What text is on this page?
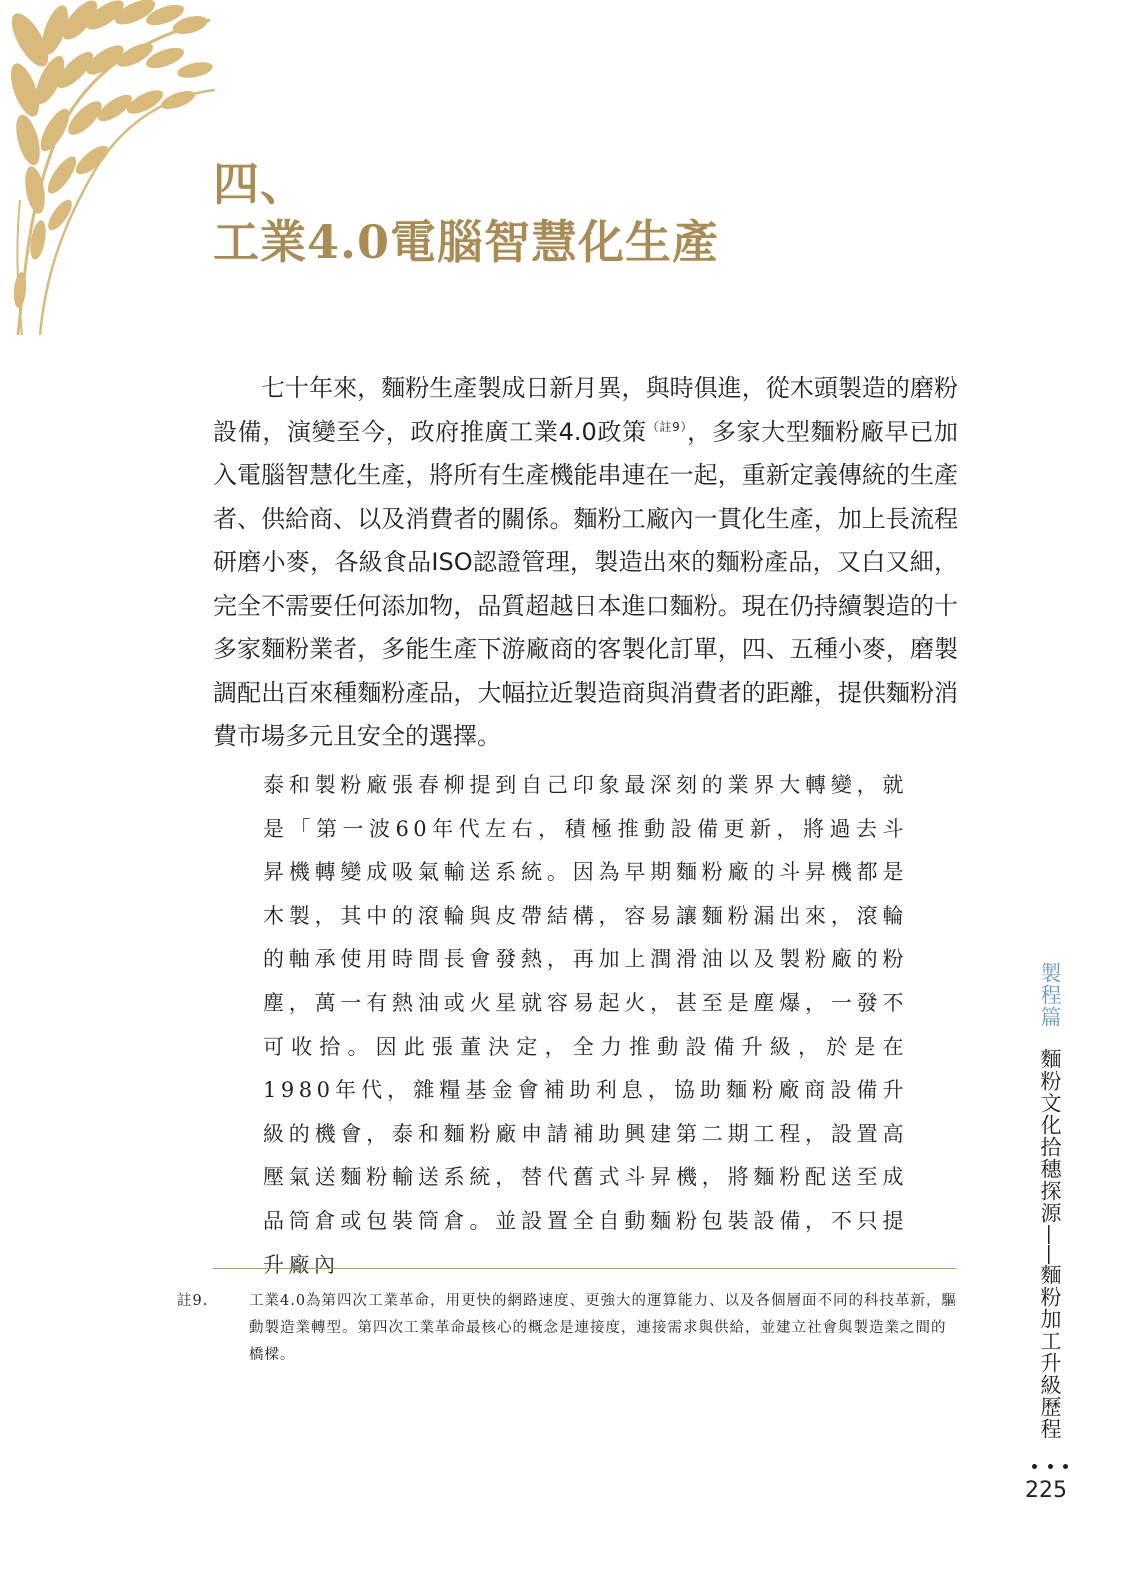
四、
工業4.0電腦智慧化生產

七十年來，麵粉生產製成日新月異，與時俱進，從木頭製造的磨粉設備，演變至今，政府推廣工業4.0政策$^{(註9)}$，多家大型麵粉廠早已加入電腦智慧化生產，將所有生產機能串連在一起，重新定義傳統的生產者、供給商、以及消費者的關係。麵粉工廠內一貫化生產，加上長流程研磨小麥，各級食品ISO認證管理，製造出來的麵粉產品，又白又細，完全不需要任何添加物，品質超越日本進口麵粉。現在仍持續製造的十多家麵粉業者，多能生產下游廠商的客製化訂單，四、五種小麥，磨製調配出百來種麵粉產品，大幅拉近製造商與消費者的距離，提供麵粉消費市場多元且安全的選擇。

泰和製粉廠張春柳提到自己印象最深刻的業界大轉變，就是「第一波60年代左右，積極推動設備更新，將過去斗昇機轉變成吸氣輸送系統。因為早期麵粉廠的斗昇機都是木製，其中的滾輪與皮帶結構，容易讓麵粉漏出來，滾輪的軸承使用時間長會發熱，再加上潤滑油以及製粉廠的粉塵，萬一有熱油或火星就容易起火，甚至是塵爆，一發不可收拾。因此張董決定，全力推動設備升級，於是在1980年代，雜糧基金會補助利息，協助麵粉廠商設備升級的機會，泰和麵粉廠申請補助興建第二期工程，設置高壓氣送麵粉輸送系統，替代舊式斗昇機，將麵粉配送至成品筒倉或包裝筒倉。並設置全自動麵粉包裝設備，不只提升廠內

註9.	工業4.0為第四次工業革命，用更快的網路速度、更強大的運算能力、以及各個層面不同的科技革新，驅動製造業轉型。第四次工業革命最核心的概念是連接度，連接需求與供給，並建立社會與製造業之間的橋樑。
製程篇 麵粉文化拾穗探源——麵粉加工升級歷程
225
